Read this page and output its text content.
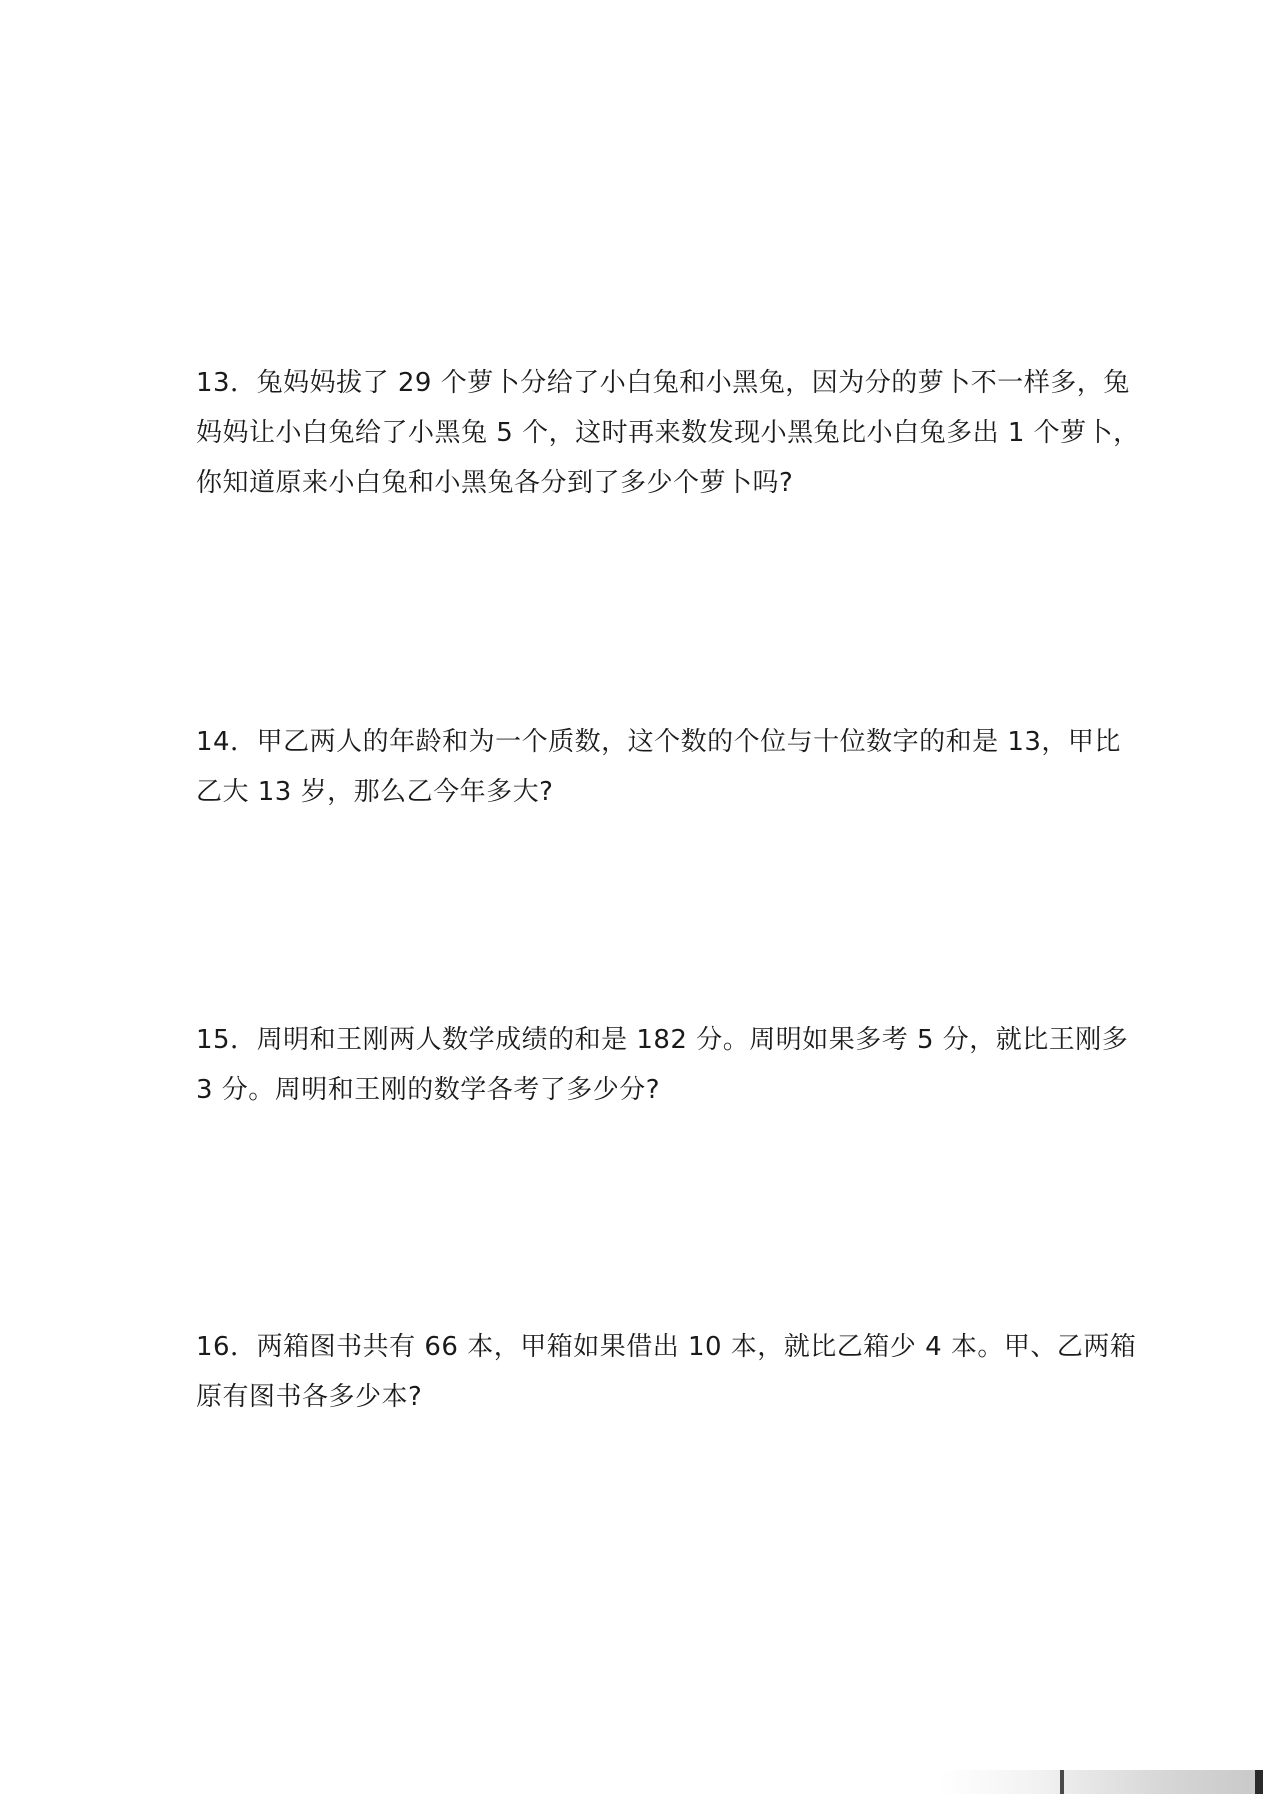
13．兔妈妈拔了 29 个萝卜分给了小白兔和小黑兔，因为分的萝卜不一样多，兔
妈妈让小白兔给了小黑兔 5 个，这时再来数发现小黑兔比小白兔多出 1 个萝卜，
你知道原来小白兔和小黑兔各分到了多少个萝卜吗?
14．甲乙两人的年龄和为一个质数，这个数的个位与十位数字的和是 13，甲比
乙大 13 岁，那么乙今年多大?
15．周明和王刚两人数学成绩的和是 182 分。周明如果多考 5 分，就比王刚多
3 分。周明和王刚的数学各考了多少分?
16．两箱图书共有 66 本，甲箱如果借出 10 本，就比乙箱少 4 本。甲、乙两箱
原有图书各多少本?
